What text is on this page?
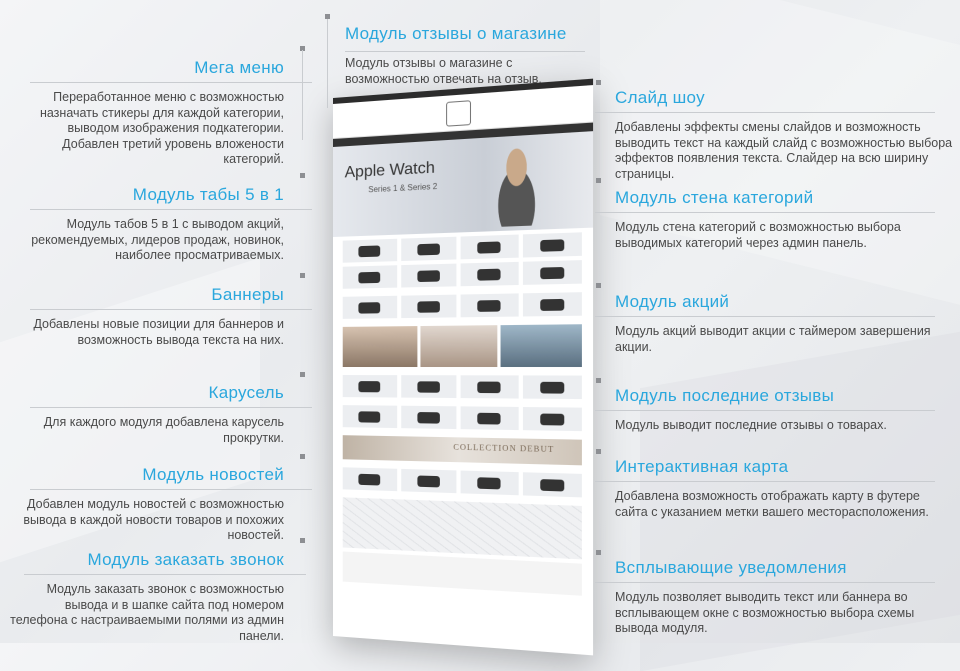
Apple Watch
Series 1 & Series 2
COLLECTION DEBUT
Модуль отзывы о магазине
Модуль отзывы о магазине с возможностью отвечать на отзыв.
Мега меню
Переработанное меню с возможностью назначать стикеры для каждой категории, выводом изображения подкатегории. Добавлен третий уровень вложености категорий.
Модуль табы 5 в 1
Модуль табов 5 в 1 с выводом акций, рекомендуемых, лидеров продаж, новинок, наиболее просматриваемых.
Баннеры
Добавлены новые позиции для баннеров и возможность вывода текста на них.
Карусель
Для каждого модуля добавлена карусель прокрутки.
Модуль новостей
Добавлен модуль новостей с возможностью вывода в каждой новости товаров и похожих новостей.
Модуль заказать звонок
Модуль заказать звонок с возможностью вывода и в шапке сайта под номером телефона с настраиваемыми полями из админ панели.
Слайд шоу
Добавлены эффекты смены слайдов и возможность выводить текст на каждый слайд с возможностью выбора эффектов появления текста. Слайдер на всю ширину страницы.
Модуль стена категорий
Модуль стена категорий с возможностью выбора выводимых категорий через админ панель.
Модуль акций
Модуль акций выводит акции с таймером завершения акции.
Модуль последние отзывы
Модуль выводит последние отзывы о товарах.
Интерактивная карта
Добавлена возможность отображать карту в футере сайта с указанием метки вашего месторасположения.
Всплывающие уведомления
Модуль позволяет выводить текст или баннера во всплывающем окне с возможностью выбора схемы вывода модуля.
